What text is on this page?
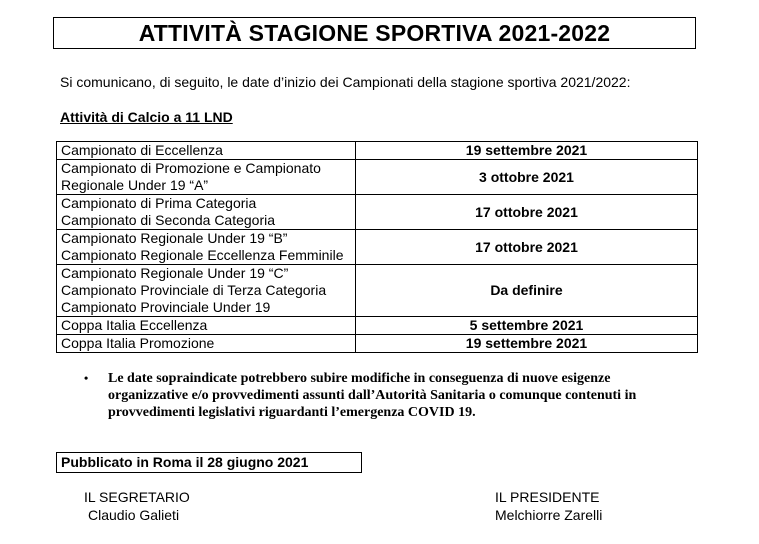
ATTIVITÀ STAGIONE SPORTIVA 2021-2022
Si comunicano, di seguito, le date d’inizio dei Campionati della stagione sportiva 2021/2022:
Attività di Calcio a 11 LND
Campionato di Eccellenza	19 settembre 2021

Campionato di Promozione e Campionato
Regionale Under 19 “A”	3 ottobre 2021

Campionato di Prima Categoria
Campionato di Seconda Categoria	17 ottobre 2021

Campionato Regionale Under 19 “B”
Campionato Regionale Eccellenza Femminile	17 ottobre 2021

Campionato Regionale Under 19 “C”
Campionato Provinciale di Terza Categoria
Campionato Provinciale Under 19	Da definire

Coppa Italia Eccellenza	5 settembre 2021

Coppa Italia Promozione	19 settembre 2021
• Le date sopraindicate potrebbero subire modifiche in conseguenza di nuove esigenze
organizzative e/o provvedimenti assunti dall’Autorità Sanitaria o comunque contenuti in
provvedimenti legislativi riguardanti l’emergenza COVID 19.
Pubblicato in Roma il 28 giugno 2021
IL SEGRETARIO
Claudio Galieti
IL PRESIDENTE
Melchiorre Zarelli
